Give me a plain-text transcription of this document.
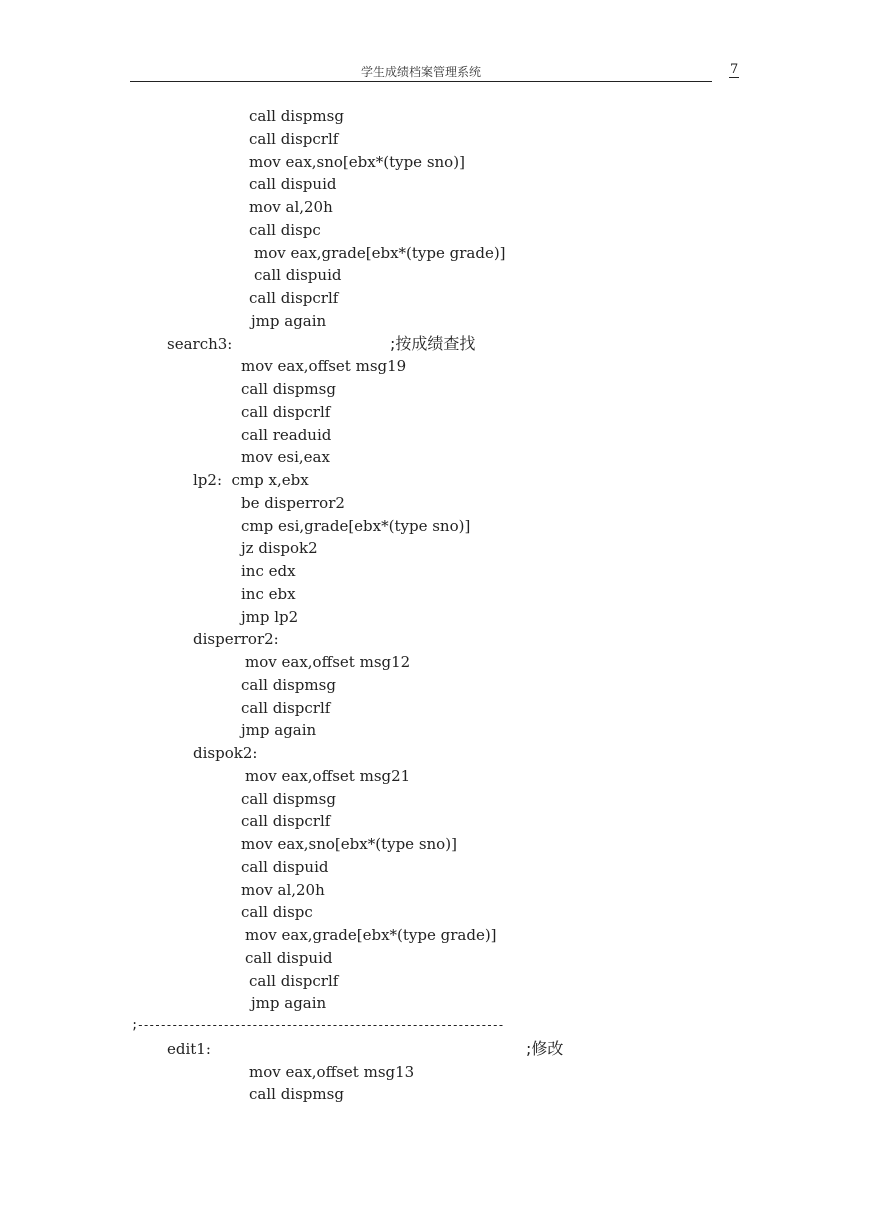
学生成绩档案管理系统	7
call dispmsg
call dispcrlf
mov eax,sno[ebx*(type sno)]
call dispuid
mov al,20h
call dispc
mov eax,grade[ebx*(type grade)]
call dispuid
call dispcrlf
jmp again
search3:	;按成绩查找
mov eax,offset msg19
call dispmsg
call dispcrlf
call readuid
mov esi,eax
lp2:  cmp x,ebx
be disperror2
cmp esi,grade[ebx*(type sno)]
jz dispok2
inc edx
inc ebx
jmp lp2
disperror2:
mov eax,offset msg12
call dispmsg
call dispcrlf
jmp again
dispok2:
mov eax,offset msg21
call dispmsg
call dispcrlf
mov eax,sno[ebx*(type sno)]
call dispuid
mov al,20h
call dispc
mov eax,grade[ebx*(type grade)]
call dispuid
call dispcrlf
jmp again
;----------------------------------------------------------------
edit1:	;修改
mov eax,offset msg13
call dispmsg
